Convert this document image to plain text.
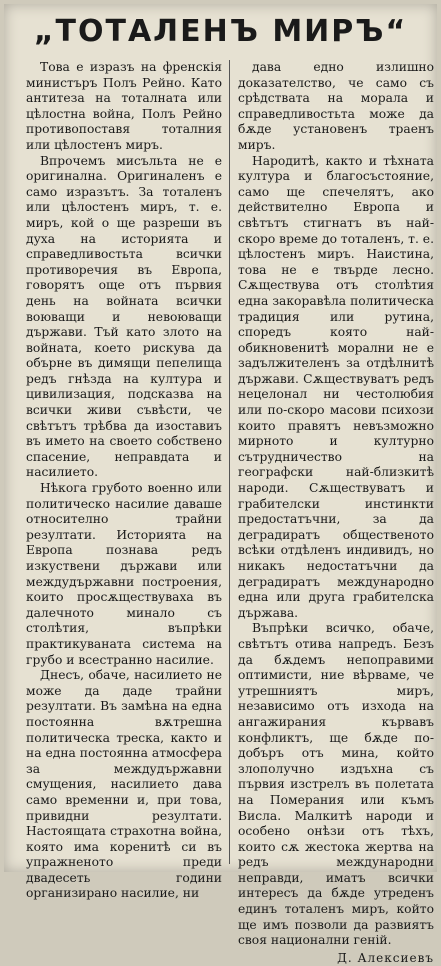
„ТОТАЛЕНЪ МИРЪ“

Това е изразъ на френскія министъръ Полъ Рейно. Като антитеза на тоталната или цѣлостна война, Полъ Рейно противопоставя тоталния или цѣлостенъ миръ.

Впрочемъ мисъльта не е оригинална. Оригиналенъ е само изразътъ. За тоталенъ или цѣлостенъ миръ, т. е. миръ, кой о ще разреши въ духа на историята и справедливостьта всички противоречия въ Европа, говорятъ още отъ първия день на войната всички воюващи и невоюващи държави. Тъй като злото на войната, което рискува да обърне въ димящи пепелища редъ гнѣзда на култура и цивилизация, подсказва на всички живи съвѣсти, че свѣтътъ трѣбва да изоставиъ въ името на своето собствено спасение, неправдата и насилието.

Нѣкога грубото военно или политическо насилие даваше относително трайни резултати. Историята на Европа познава редъ изкуствени държави или междудържавни построения, които просѫществуваха въ далечното минало съ столѣтия, въпрѣки практикуваната система на грубо и всестранно насилие.

Днесъ, обаче, насилието не може да даде трайни резултати. Въ замѣна на една постоянна вѫтрешна политическа треска, както и на една постоянна атмосфера за междудържавни смущения, насилието дава само временни и, при това, привидни резултати. Настоящата страхотна война, която има коренитѣ си въ упражненото преди двадесеть години организирано насилие, ни

дава едно излишно доказателство, че само съ срѣдствата на морала и справедливостьта може да бѫде установенъ траенъ миръ.

Народитѣ, както и тѣхната култура и благосъстояние, само ще спечелятъ, ако действително Европа и свѣтътъ стигнатъ въ най-скоро време до тоталенъ, т. е. цѣлостенъ миръ. Наистина, това не е твърде лесно. Сѫществува отъ столѣтия една закоравѣла политическа традиция или рутина, споредъ която най-обикновенитѣ морални не е задължителенъ за отдѣлнитѣ държави. Сѫществуватъ редъ нецелонал ни честолюбия или по-скоро масови психози които правятъ невъзможно мирното и културно сътрудничество на географски най-близкитѣ народи. Сѫществуватъ и грабителски инстинкти предостатъчни, за да деградиратъ общественото всѣки отдѣленъ индивидъ, но никакъ недостатъчни да деградиратъ международно една или друга грабителска държава.

Въпрѣки всичко, обаче, свѣтътъ отива напредъ. Безъ да бѫдемъ непоправими оптимисти, ние вѣрваме, че утрешниятъ миръ, независимо отъ изхода на ангажирания кървавъ конфликтъ, ще бѫде по-добъръ отъ мина, който злополучно издъхна съ първия изстрелъ въ полетата на Померания или къмъ Висла. Малкитѣ народи и особено онѣзи отъ тѣхъ, които сѫ жестока жертва на редъ международни неправди, иматъ всички интересъ да бѫде утреденъ единъ тоталенъ миръ, който ще имъ позволи да развиятъ своя национални генiй.

Д. Алексиевъ
